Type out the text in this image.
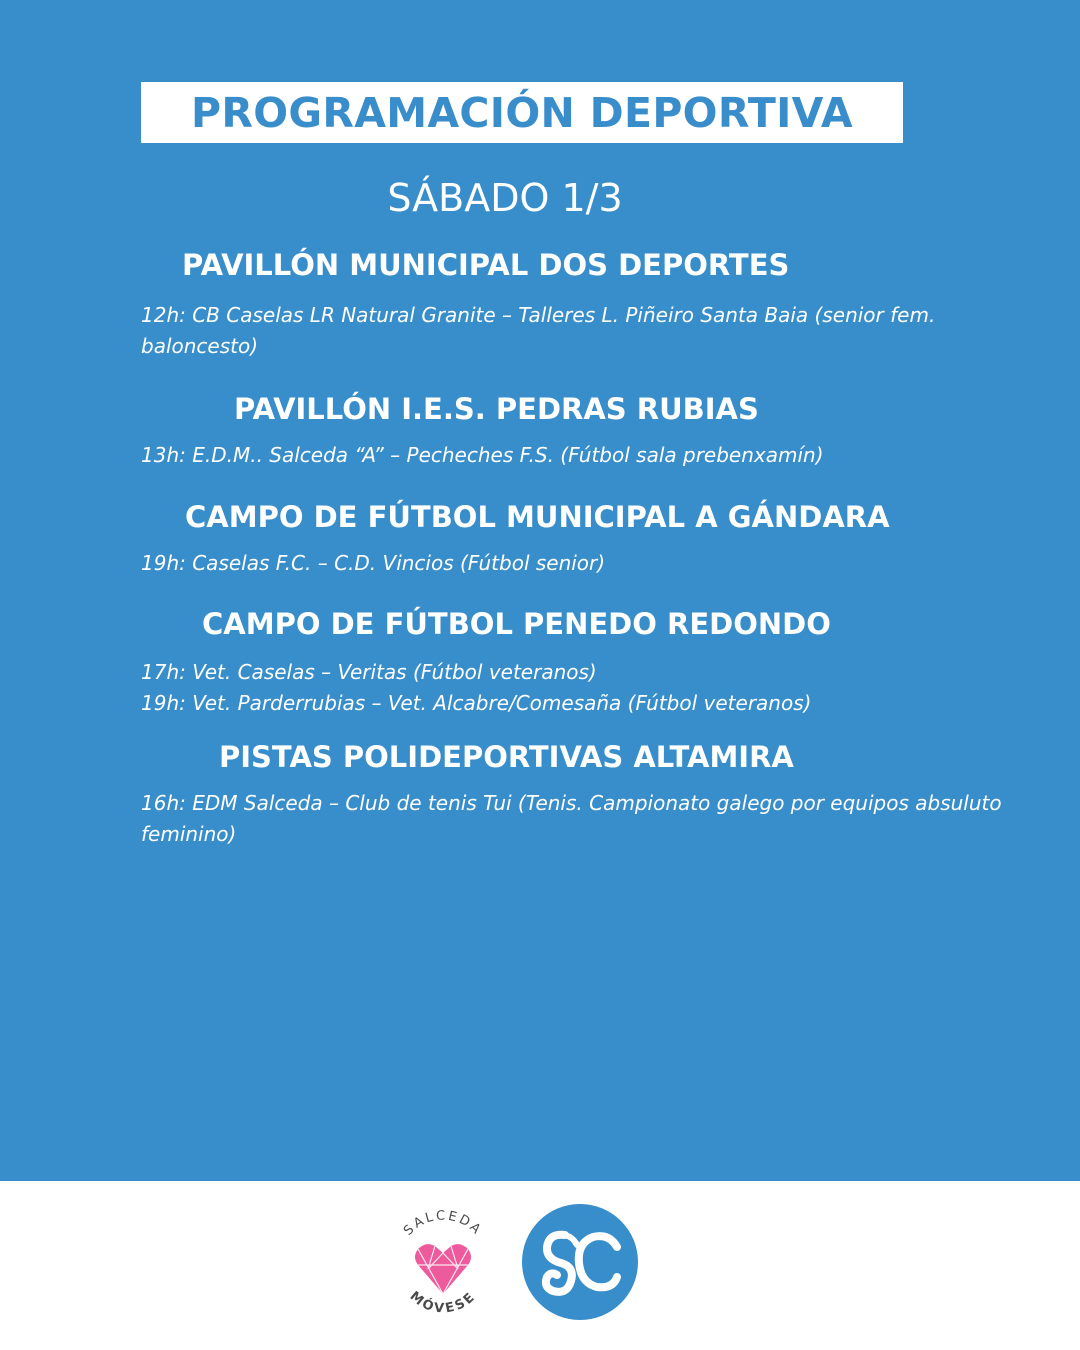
PROGRAMACIÓN DEPORTIVA
SÁBADO 1/3
PAVILLÓN MUNICIPAL DOS DEPORTES
12h: CB Caselas LR Natural Granite – Talleres L. Piñeiro Santa Baia (senior fem. baloncesto)
PAVILLÓN I.E.S. PEDRAS RUBIAS
13h: E.D.M.. Salceda “A” – Pecheches F.S. (Fútbol sala prebenxamín)
CAMPO DE FÚTBOL MUNICIPAL A GÁNDARA
19h: Caselas F.C. – C.D. Vincios (Fútbol senior)
CAMPO DE FÚTBOL PENEDO REDONDO
17h: Vet. Caselas – Veritas (Fútbol veteranos)
19h: Vet. Parderrubias – Vet. Alcabre/Comesaña (Fútbol veteranos)
PISTAS POLIDEPORTIVAS ALTAMIRA
16h: EDM Salceda – Club de tenis Tui (Tenis. Campionato galego por equipos absuluto feminino)
SALCEDA
MÓVESE
